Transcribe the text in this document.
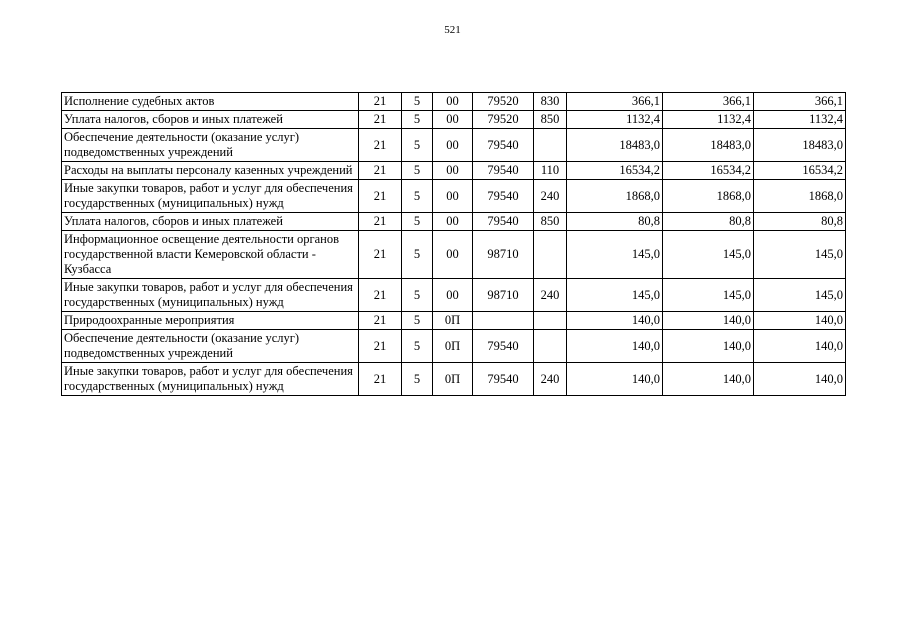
521
Исполнение судебных актов	21	5	00	79520	830	366,1	366,1	366,1
Уплата налогов, сборов и иных платежей	21	5	00	79520	850	1132,4	1132,4	1132,4
Обеспечение деятельности (оказание услуг) подведомственных учреждений	21	5	00	79540		18483,0	18483,0	18483,0
Расходы на выплаты персоналу казенных учреждений	21	5	00	79540	110	16534,2	16534,2	16534,2
Иные закупки товаров, работ и услуг для обеспечения государственных (муниципальных) нужд	21	5	00	79540	240	1868,0	1868,0	1868,0
Уплата налогов, сборов и иных платежей	21	5	00	79540	850	80,8	80,8	80,8
Информационное освещение деятельности органов государственной власти Кемеровской области - Кузбасса	21	5	00	98710		145,0	145,0	145,0
Иные закупки товаров, работ и услуг для обеспечения государственных (муниципальных) нужд	21	5	00	98710	240	145,0	145,0	145,0
Природоохранные мероприятия	21	5	0П			140,0	140,0	140,0
Обеспечение деятельности (оказание услуг) подведомственных учреждений	21	5	0П	79540		140,0	140,0	140,0
Иные закупки товаров, работ и услуг для обеспечения государственных (муниципальных) нужд	21	5	0П	79540	240	140,0	140,0	140,0
